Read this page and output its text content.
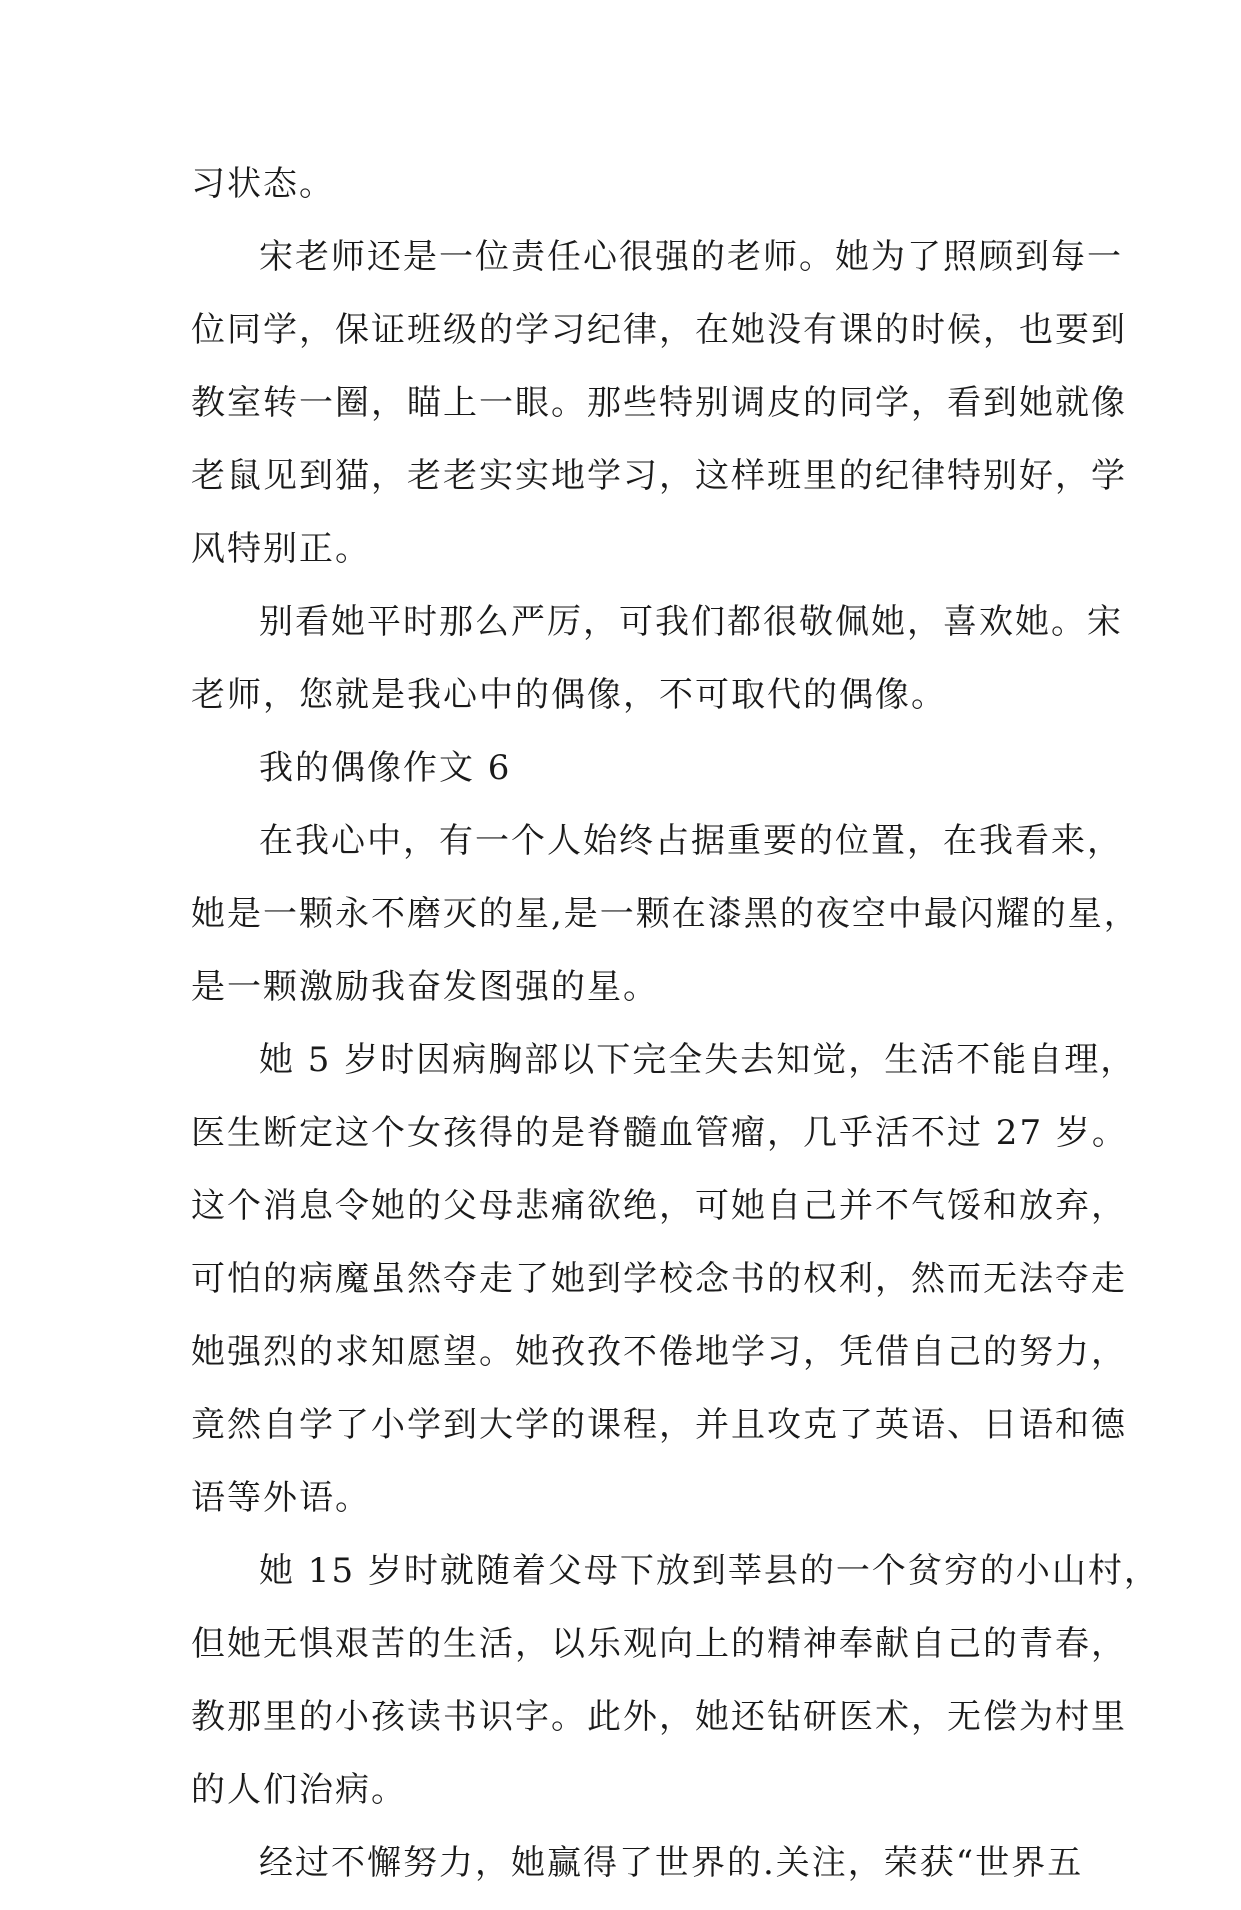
习状态。
宋老师还是一位责任心很强的老师。她为了照顾到每一
位同学，保证班级的学习纪律，在她没有课的时候，也要到
教室转一圈，瞄上一眼。那些特别调皮的同学，看到她就像
老鼠见到猫，老老实实地学习，这样班里的纪律特别好，学
风特别正。
别看她平时那么严厉，可我们都很敬佩她，喜欢她。宋
老师，您就是我心中的偶像，不可取代的偶像。
我的偶像作文 6
在我心中，有一个人始终占据重要的位置，在我看来，
她是一颗永不磨灭的星,是一颗在漆黑的夜空中最闪耀的星，
是一颗激励我奋发图强的星。
她 5 岁时因病胸部以下完全失去知觉，生活不能自理，
医生断定这个女孩得的是脊髓血管瘤，几乎活不过 27 岁。
这个消息令她的父母悲痛欲绝，可她自己并不气馁和放弃，
可怕的病魔虽然夺走了她到学校念书的权利，然而无法夺走
她强烈的求知愿望。她孜孜不倦地学习，凭借自己的努力，
竟然自学了小学到大学的课程，并且攻克了英语、日语和德
语等外语。
她 15 岁时就随着父母下放到莘县的一个贫穷的小山村，
但她无惧艰苦的生活，以乐观向上的精神奉献自己的青春，
教那里的小孩读书识字。此外，她还钻研医术，无偿为村里
的人们治病。
经过不懈努力，她赢得了世界的.关注，荣获“世界五
